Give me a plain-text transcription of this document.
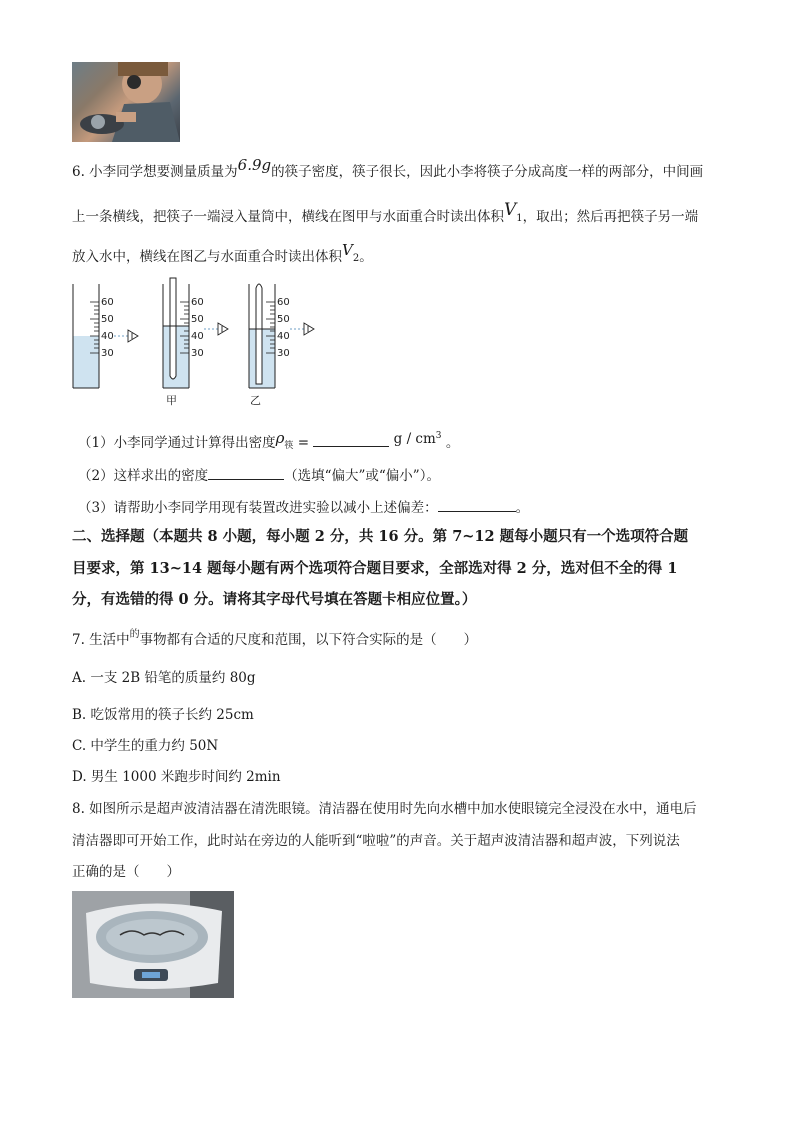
6. 小李同学想要测量质量为6.9g的筷子密度，筷子很长，因此小李将筷子分成高度一样的两部分，中间画
上一条横线，把筷子一端浸入量筒中，横线在图甲与水面重合时读出体积$V_1$，取出；然后再把筷子另一端
放入水中，横线在图乙与水面重合时读出体积$V_2$。
60
50
40
30
60
50
40
30
甲
60
50
40
30
乙
（1）小李同学通过计算得出密度$\rho_筷$ =	g / $cm^3$ 。
（2）这样求出的密度	（选填“偏大”或“偏小”）。
（3）请帮助小李同学用现有装置改进实验以减小上述偏差：	。
二、选择题（本题共 8 小题，每小题 2 分，共 16 分。第 7~12 题每小题只有一个选项符合题
目要求，第 13~14 题每小题有两个选项符合题目要求，全部选对得 2 分，选对但不全的得 1
分，有选错的得 0 分。请将其字母代号填在答题卡相应位置。）
7. 生活中$^的$事物都有合适的尺度和范围，以下符合实际的是（　　）
A. 一支 2B 铅笔的质量约 80g
B. 吃饭常用的筷子长约 25cm
C. 中学生的重力约 50N
D. 男生 1000 米跑步时间约 2min
8. 如图所示是超声波清洁器在清洗眼镜。清洁器在使用时先向水槽中加水使眼镜完全浸没在水中，通电后
清洁器即可开始工作，此时站在旁边的人能听到“啦啦”的声音。关于超声波清洁器和超声波，下列说法
正确的是（　　）
